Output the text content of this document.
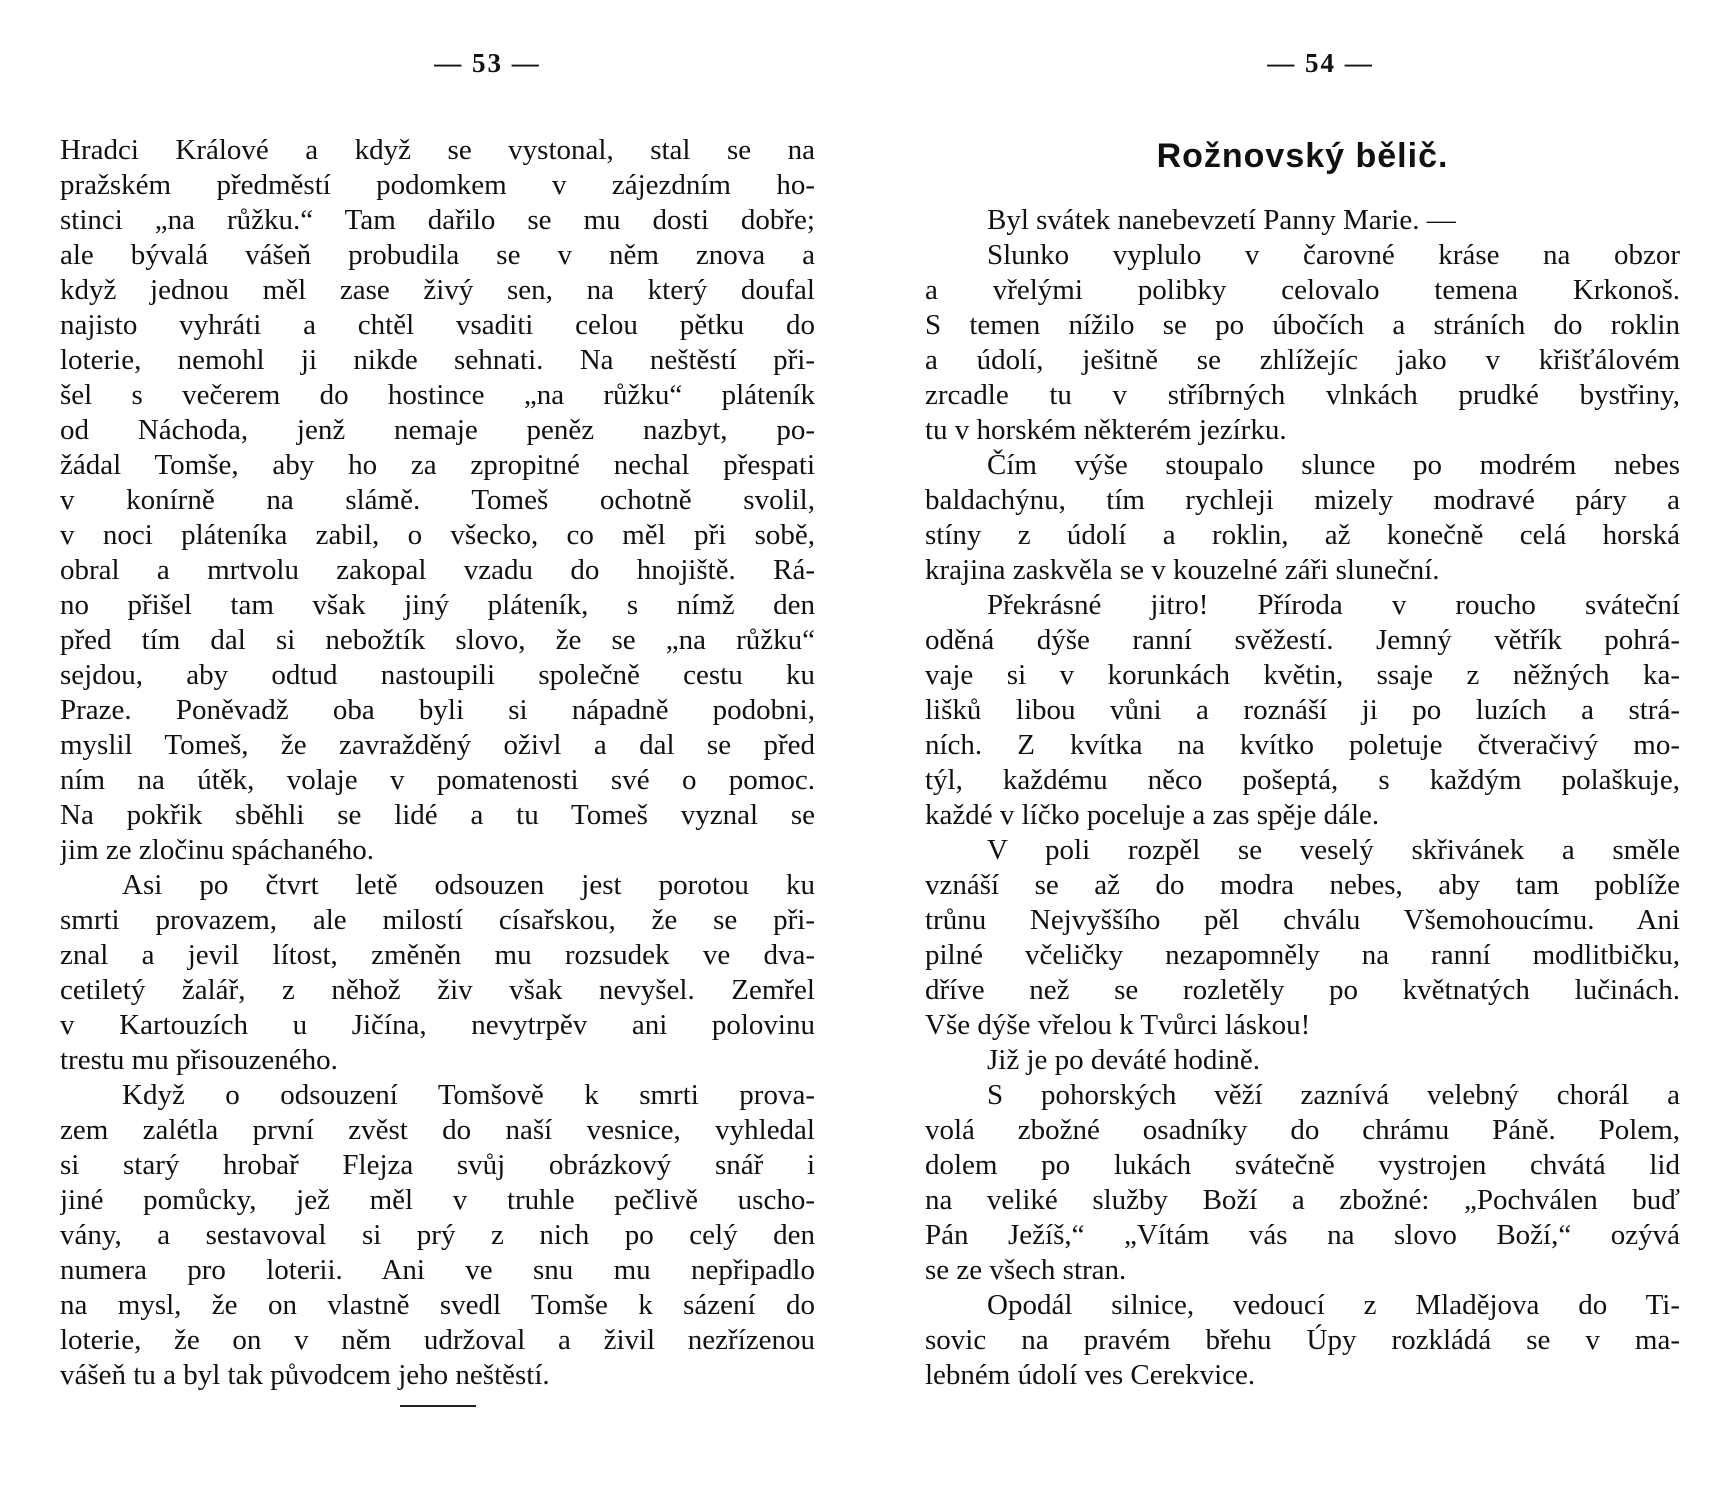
— 53 —
Hradci Králové a když se vystonal, stal se na
pražském předměstí podomkem v zájezdním ho-
stinci „na růžku.“ Tam dařilo se mu dosti dobře;
ale bývalá vášeň probudila se v něm znova a
když jednou měl zase živý sen, na který doufal
najisto vyhráti a chtěl vsaditi celou pětku do
loterie, nemohl ji nikde sehnati. Na neštěstí při-
šel s večerem do hostince „na růžku“ pláteník
od Náchoda, jenž nemaje peněz nazbyt, po-
žádal Tomše, aby ho za zpropitné nechal přespati
v konírně na slámě. Tomeš ochotně svolil,
v noci pláteníka zabil, o všecko, co měl při sobě,
obral a mrtvolu zakopal vzadu do hnojiště. Rá-
no přišel tam však jiný pláteník, s nímž den
před tím dal si nebožtík slovo, že se „na růžku“
sejdou, aby odtud nastoupili společně cestu ku
Praze. Poněvadž oba byli si nápadně podobni,
myslil Tomeš, že zavražděný oživl a dal se před
ním na útěk, volaje v pomatenosti své o pomoc.
Na pokřik sběhli se lidé a tu Tomeš vyznal se
jim ze zločinu spáchaného.
Asi po čtvrt letě odsouzen jest porotou ku
smrti provazem, ale milostí císařskou, že se při-
znal a jevil lítost, změněn mu rozsudek ve dva-
cetiletý žalář, z něhož živ však nevyšel. Zemřel
v Kartouzích u Jičína, nevytrpěv ani polovinu
trestu mu přisouzeného.
Když o odsouzení Tomšově k smrti prova-
zem zalétla první zvěst do naší vesnice, vyhledal
si starý hrobař Flejza svůj obrázkový snář i
jiné pomůcky, jež měl v truhle pečlivě uscho-
vány, a sestavoval si prý z nich po celý den
numera pro loterii. Ani ve snu mu nepřipadlo
na mysl, že on vlastně svedl Tomše k sázení do
loterie, že on v něm udržoval a živil nezřízenou
vášeň tu a byl tak původcem jeho neštěstí.
— 54 —
Rožnovský bělič.
Byl svátek nanebevzetí Panny Marie. —
Slunko vyplulo v čarovné kráse na obzor
a vřelými polibky celovalo temena Krkonoš.
S temen nížilo se po úbočích a stráních do roklin
a údolí, ješitně se zhlížejíc jako v křišťálovém
zrcadle tu v stříbrných vlnkách prudké bystřiny,
tu v horském některém jezírku.
Čím výše stoupalo slunce po modrém nebes
baldachýnu, tím rychleji mizely modravé páry a
stíny z údolí a roklin, až konečně celá horská
krajina zaskvěla se v kouzelné záři sluneční.
Překrásné jitro! Příroda v roucho sváteční
oděná dýše ranní svěžestí. Jemný větřík pohrá-
vaje si v korunkách květin, ssaje z něžných ka-
lišků libou vůni a roznáší ji po luzích a strá-
ních. Z kvítka na kvítko poletuje čtveračivý mo-
týl, každému něco pošeptá, s každým polaškuje,
každé v líčko poceluje a zas spěje dále.
V poli rozpěl se veselý skřivánek a směle
vznáší se až do modra nebes, aby tam poblíže
trůnu Nejvyššího pěl chválu Všemohoucímu. Ani
pilné včeličky nezapomněly na ranní modlitbičku,
dříve než se rozletěly po květnatých lučinách.
Vše dýše vřelou k Tvůrci láskou!
Již je po deváté hodině.
S pohorských věží zaznívá velebný chorál a
volá zbožné osadníky do chrámu Páně. Polem,
dolem po lukách svátečně vystrojen chvátá lid
na veliké služby Boží a zbožné: „Pochválen buď
Pán Ježíš,“ „Vítám vás na slovo Boží,“ ozývá
se ze všech stran.
Opodál silnice, vedoucí z Mladějova do Ti-
sovic na pravém břehu Úpy rozkládá se v ma-
lebném údolí ves Cerekvice.
